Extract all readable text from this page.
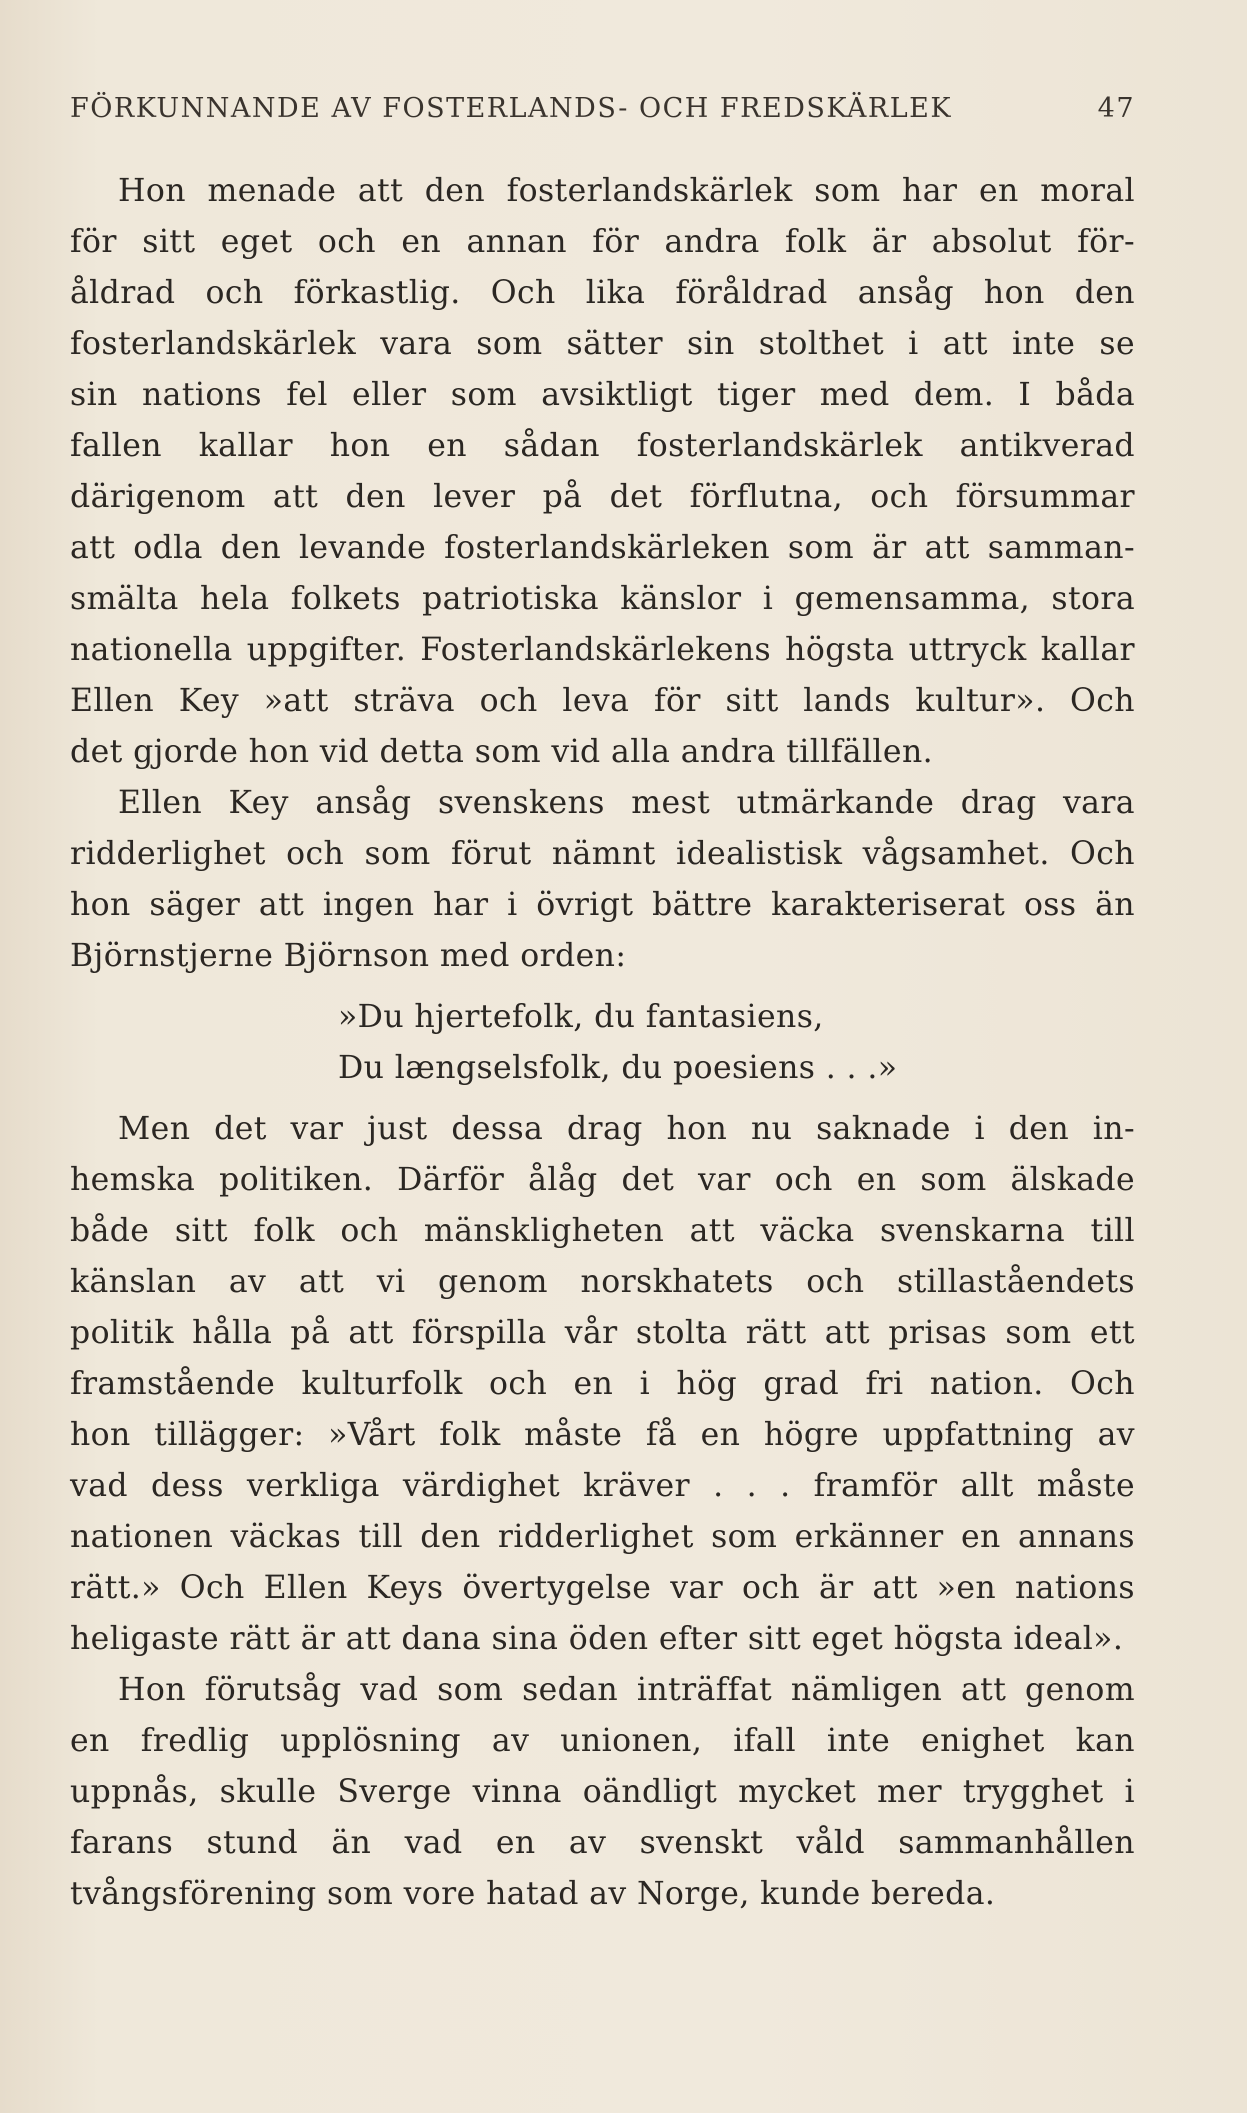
FÖRKUNNANDE AV FOSTERLANDS- OCH FREDSKÄRLEK	47
Hon menade att den fosterlandskärlek som har en moral
för sitt eget och en annan för andra folk är absolut för-
åldrad och förkastlig. Och lika föråldrad ansåg hon den
fosterlandskärlek vara som sätter sin stolthet i att inte se
sin nations fel eller som avsiktligt tiger med dem. I båda
fallen kallar hon en sådan fosterlandskärlek antikverad
därigenom att den lever på det förflutna, och försummar
att odla den levande fosterlandskärleken som är att samman-
smälta hela folkets patriotiska känslor i gemensamma, stora
nationella uppgifter. Fosterlandskärlekens högsta uttryck kallar
Ellen Key »att sträva och leva för sitt lands kultur». Och
det gjorde hon vid detta som vid alla andra tillfällen.
Ellen Key ansåg svenskens mest utmärkande drag vara
ridderlighet och som förut nämnt idealistisk vågsamhet. Och
hon säger att ingen har i övrigt bättre karakteriserat oss än
Björnstjerne Björnson med orden:
»Du hjertefolk, du fantasiens,
Du længselsfolk, du poesiens . . .»
Men det var just dessa drag hon nu saknade i den in-
hemska politiken. Därför ålåg det var och en som älskade
både sitt folk och mänskligheten att väcka svenskarna till
känslan av att vi genom norskhatets och stillaståendets
politik hålla på att förspilla vår stolta rätt att prisas som ett
framstående kulturfolk och en i hög grad fri nation. Och
hon tillägger: »Vårt folk måste få en högre uppfattning av
vad dess verkliga värdighet kräver . . . framför allt måste
nationen väckas till den ridderlighet som erkänner en annans
rätt.» Och Ellen Keys övertygelse var och är att »en nations
heligaste rätt är att dana sina öden efter sitt eget högsta ideal».
Hon förutsåg vad som sedan inträffat nämligen att genom
en fredlig upplösning av unionen, ifall inte enighet kan
uppnås, skulle Sverge vinna oändligt mycket mer trygghet i
farans stund än vad en av svenskt våld sammanhållen
tvångsförening som vore hatad av Norge, kunde bereda.
